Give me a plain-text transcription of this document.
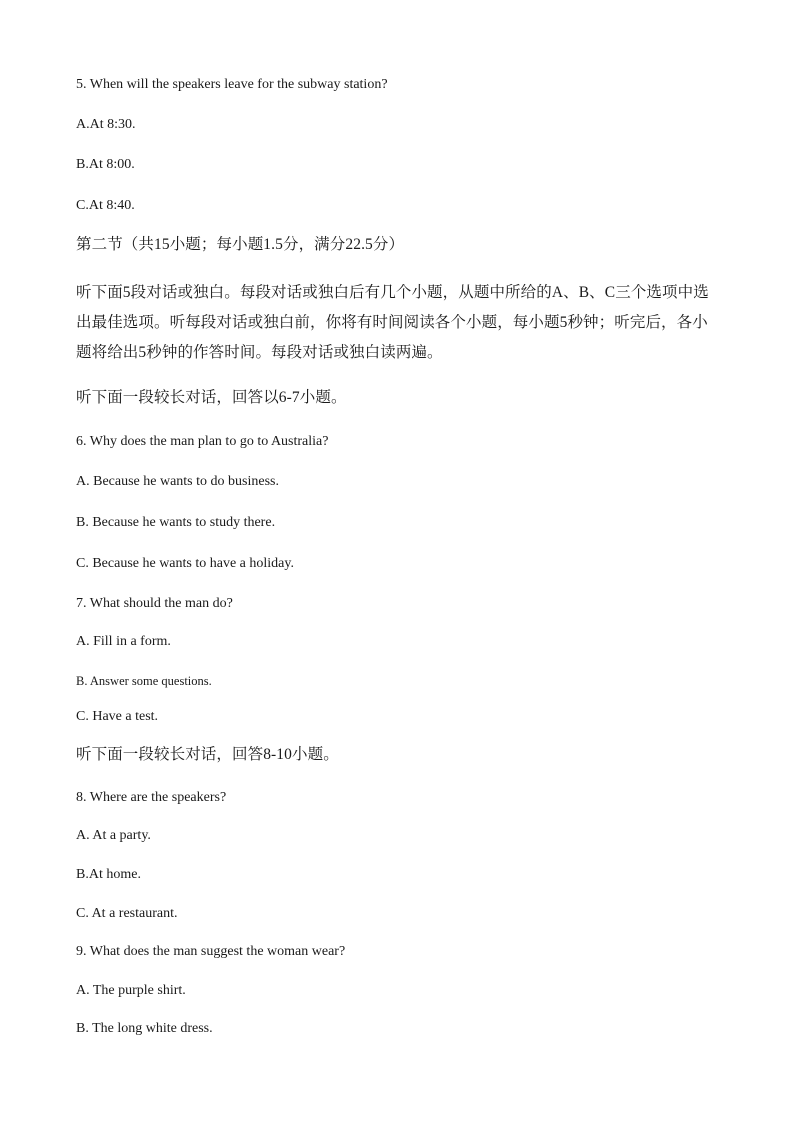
5. When will the speakers leave for the subway station?

A.At 8:30.

B.At 8:00.

C.At 8:40.

第二节（共15小题；每小题1.5分，满分22.5分）

听下面5段对话或独白。每段对话或独白后有几个小题，从题中所给的A、B、C三个选项中选

出最佳选项。听每段对话或独白前，你将有时间阅读各个小题，每小题5秒钟；听完后，各小

题将给出5秒钟的作答时间。每段对话或独白读两遍。

听下面一段较长对话，回答以6-7小题。

6. Why does the man plan to go to Australia?

A. Because he wants to do business.

B. Because he wants to study there.

C. Because he wants to have a holiday.

7. What should the man do?

A. Fill in a form.

B. Answer some questions.

C. Have a test.

听下面一段较长对话，回答8-10小题。

8. Where are the speakers?

A. At a party.

B.At home.

C. At a restaurant.

9. What does the man suggest the woman wear?

A. The purple shirt.

B. The long white dress.
